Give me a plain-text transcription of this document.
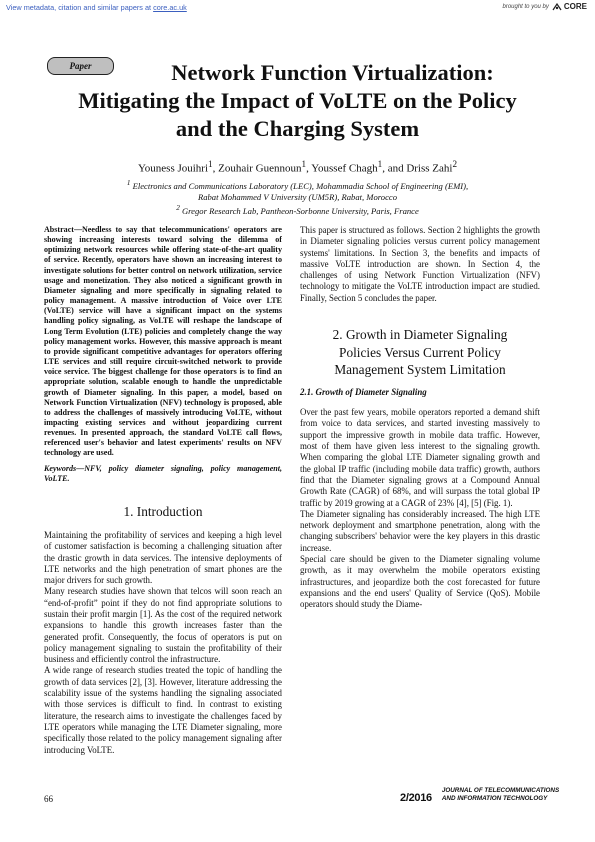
View metadata, citation and similar papers at core.ac.uk	brought to you by CORE
Paper	Network Function Virtualization:
Mitigating the Impact of VoLTE on the Policy
and the Charging System
Youness Jouihri$^1$, Zouhair Guennoun$^1$, Youssef Chagh$^1$, and Driss Zahi$^2$
$^1$ Electronics and Communications Laboratory (LEC), Mohammadia School of Engineering (EMI),
Rabat Mohammed V University (UM5R), Rabat, Morocco
$^2$ Gregor Research Lab, Pantheon-Sorbonne University, Paris, France

Abstract—Needless to say that telecommunications' operators are showing increasing interests toward solving the dilemma of optimizing network resources while offering state-of-the-art quality of service. Recently, operators have shown an increasing interest to investigate solutions for better control on network utilization, service usage and monetization. They also noticed a significant growth in Diameter signaling and more specifically in signaling related to policy management. A massive introduction of Voice over LTE (VoLTE) service will have a significant impact on the systems handling policy signaling, as VoLTE will reshape the landscape of Long Term Evolution (LTE) policies and completely change the way policy management works. However, this massive approach is meant to provide significant competitive advantages for operators offering LTE services and still require circuit-switched network to provide voice service. The biggest challenge for those operators is to find an appropriate solution, scalable enough to handle the unpredictable growth of Diameter signaling. In this paper, a model, based on Network Function Virtualization (NFV) technology is proposed, able to address the challenges of massively introducing VoLTE, without impacting existing services and without jeopardizing current revenues. In presented approach, the standard VoLTE call flows, referenced user's behavior and latest experiments' results on NFV technology are used.

Keywords—NFV, policy diameter signaling, policy management, VoLTE.

1. Introduction

Maintaining the profitability of services and keeping a high level of customer satisfaction is becoming a challenging situation after the drastic growth in data services. The intensive deployments of LTE networks and the high penetration of smart phones are the major drivers for such growth.

Many research studies have shown that telcos will soon reach an “end-of-profit” point if they do not find appropriate solutions to sustain their profit margin [1]. As the cost of the required network expansions to handle this growth increases faster than the generated profit. Consequently, the focus of operators is put on policy management signaling to sustain the profitability of their business and efficiently control the infrastructure.

A wide range of research studies treated the topic of handling the growth of data services [2], [3]. However, literature addressing the scalability issue of the systems handling the signaling associated with those services is difficult to find. In contrast to existing literature, the research aims to investigate the challenges faced by LTE operators while managing the LTE Diameter signaling, more specifically those related to the policy management signaling after introducing VoLTE.

This paper is structured as follows. Section 2 highlights the growth in Diameter signaling policies versus current policy management systems' limitations. In Section 3, the benefits and impacts of massive VoLTE introduction are shown. In Section 4, the challenges of using Network Function Virtualization (NFV) technology to mitigate the VoLTE introduction impact are studied. Finally, Section 5 concludes the paper.

2. Growth in Diameter Signaling
Policies Versus Current Policy
Management System Limitation
2.1. Growth of Diameter Signaling

Over the past few years, mobile operators reported a demand shift from voice to data services, and started investing massively to support the impressive growth in mobile data traffic. However, most of them have given less interest to the signaling growth. When comparing the global LTE Diameter signaling growth and the global IP traffic (including mobile data traffic) growth, authors find that the Diameter signaling grows at a Compound Annual Growth Rate (CAGR) of 68%, and will surpass the total global IP traffic by 2019 growing at a CAGR of 23% [4], [5] (Fig. 1).

The Diameter signaling has considerably increased. The high LTE network deployment and smartphone penetration, along with the changing subscribers' behavior were the key players in this drastic increase.

Special care should be given to the Diameter signaling volume growth, as it may overwhelm the mobile operators existing infrastructures, and jeopardize both the cost forecasted for future expansions and the end users' Quality of Service (QoS). Mobile operators should study the Diame-

66	2/2016
JOURNAL OF TELECOMMUNICATIONS
AND INFORMATION TECHNOLOGY
